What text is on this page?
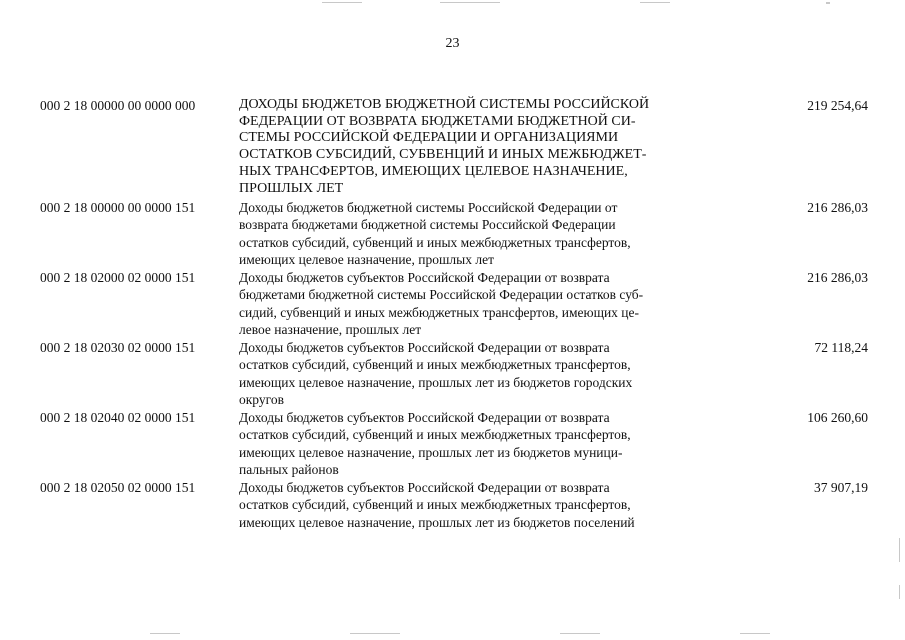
23
000 2 18 00000 00 0000 000	ДОХОДЫ БЮДЖЕТОВ БЮДЖЕТНОЙ СИСТЕМЫ РОССИЙСКОЙ
ФЕДЕРАЦИИ ОТ ВОЗВРАТА БЮДЖЕТАМИ БЮДЖЕТНОЙ СИ-
СТЕМЫ РОССИЙСКОЙ ФЕДЕРАЦИИ И ОРГАНИЗАЦИЯМИ
ОСТАТКОВ СУБСИДИЙ, СУБВЕНЦИЙ И ИНЫХ МЕЖБЮДЖЕТ-
НЫХ ТРАНСФЕРТОВ, ИМЕЮЩИХ ЦЕЛЕВОЕ НАЗНАЧЕНИЕ,
ПРОШЛЫХ ЛЕТ
219 254,64
000 2 18 00000 00 0000 151	Доходы бюджетов бюджетной системы Российской Федерации от
возврата бюджетами бюджетной системы Российской Федерации
остатков субсидий, субвенций и иных межбюджетных трансфертов,
имеющих целевое назначение, прошлых лет
216 286,03
000 2 18 02000 02 0000 151	Доходы бюджетов субъектов Российской Федерации от возврата
бюджетами бюджетной системы Российской Федерации остатков суб-
сидий, субвенций и иных межбюджетных трансфертов, имеющих це-
левое назначение, прошлых лет
216 286,03
000 2 18 02030 02 0000 151	Доходы бюджетов субъектов Российской Федерации от возврата
остатков субсидий, субвенций и иных межбюджетных трансфертов,
имеющих целевое назначение, прошлых лет из бюджетов городских
округов
72 118,24
000 2 18 02040 02 0000 151	Доходы бюджетов субъектов Российской Федерации от возврата
остатков субсидий, субвенций и иных межбюджетных трансфертов,
имеющих целевое назначение, прошлых лет из бюджетов муници-
пальных районов
106 260,60
000 2 18 02050 02 0000 151	Доходы бюджетов субъектов Российской Федерации от возврата
остатков субсидий, субвенций и иных межбюджетных трансфертов,
имеющих целевое назначение, прошлых лет из бюджетов поселений
37 907,19
